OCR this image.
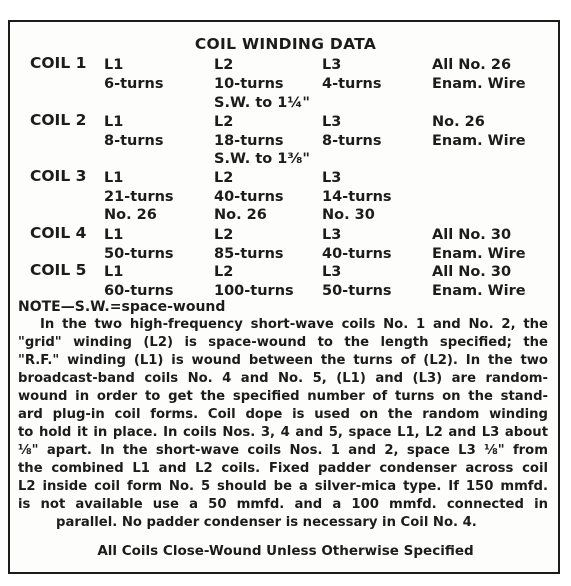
COIL WINDING DATA
COIL 1 L1
6-turns
L2
10-turns
S.W. to 1¼"
L3
4-turns
All No. 26
Enam. Wire
COIL 2 L1
8-turns
L2
18-turns
S.W. to 1⅜"
L3
8-turns
No. 26
Enam. Wire
COIL 3 L1
21-turns
No. 26
L2
40-turns
No. 26
L3
14-turns
No. 30
COIL 4 L1
50-turns
L2
85-turns
L3
40-turns
All No. 30
Enam. Wire
COIL 5 L1
60-turns
L2
100-turns
L3
50-turns
All No. 30
Enam. Wire

NOTE—S.W.=space-wound

In the two high-frequency short-wave coils No. 1 and No. 2, the
"grid" winding (L2) is space-wound to the length specified; the
"R.F." winding (L1) is wound between the turns of (L2). In the two
broadcast-band coils No. 4 and No. 5, (L1) and (L3) are random-
wound in order to get the specified number of turns on the stand-
ard plug-in coil forms. Coil dope is used on the random winding
to hold it in place. In coils Nos. 3, 4 and 5, space L1, L2 and L3 about
⅛" apart. In the short-wave coils Nos. 1 and 2, space L3 ⅛" from
the combined L1 and L2 coils. Fixed padder condenser across coil
L2 inside coil form No. 5 should be a silver-mica type. If 150 mmfd.
is not available use a 50 mmfd. and a 100 mmfd. connected in
parallel. No padder condenser is necessary in Coil No. 4.

All Coils Close-Wound Unless Otherwise Specified
